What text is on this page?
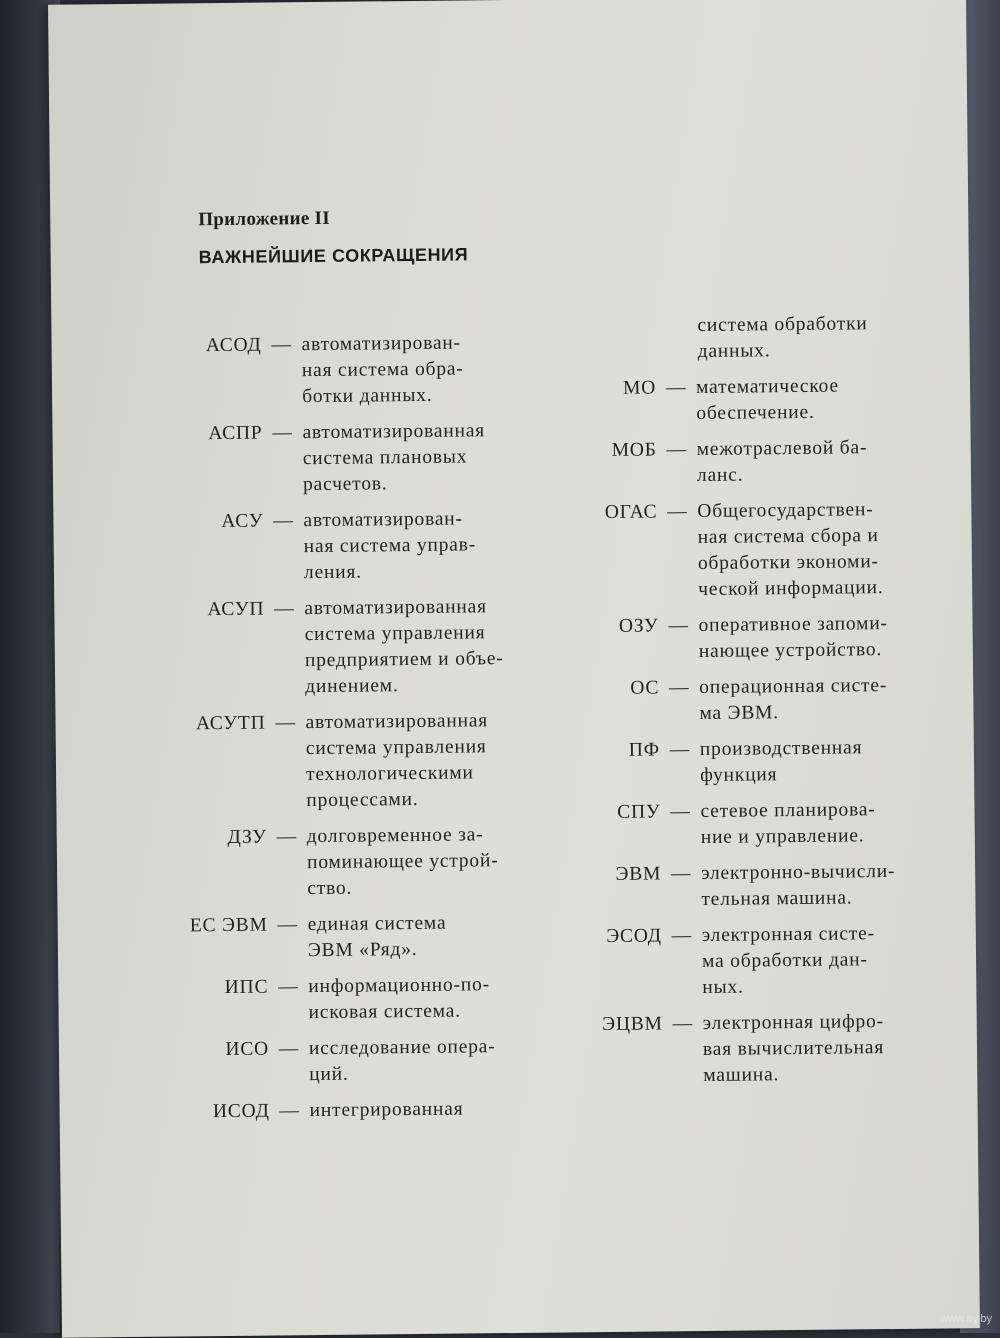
Приложение II
ВАЖНЕЙШИЕ СОКРАЩЕНИЯ
АСОД — автоматизирован-
ная система обра-
ботки данных.
АСПР — автоматизированная
система плановых
расчетов.
АСУ — автоматизирован-
ная система управ-
ления.
АСУП — автоматизированная
система управления
предприятием и объе-
динением.
АСУТП — автоматизированная
система управления
технологическими
процессами.
ДЗУ — долговременное за-
поминающее устрой-
ство.
ЕС ЭВМ — единая система
ЭВМ «Ряд».
ИПС — информационно-по-
исковая система.
ИСО — исследование опера-
ций.
ИСОД — интегрированная
система обработки
данных.
МО — математическое
обеспечение.
МОБ — межотраслевой ба-
ланс.
ОГАС — Общегосударствен-
ная система сбора и
обработки экономи-
ческой информации.
ОЗУ — оперативное запоми-
нающее устройство.
ОС — операционная систе-
ма ЭВМ.
ПФ — производственная
функция
СПУ — сетевое планирова-
ние и управление.
ЭВМ — электронно-вычисли-
тельная машина.
ЭСОД — электронная систе-
ма обработки дан-
ных.
ЭЦВМ — электронная цифро-
вая вычислительная
машина.
www.ay.by
